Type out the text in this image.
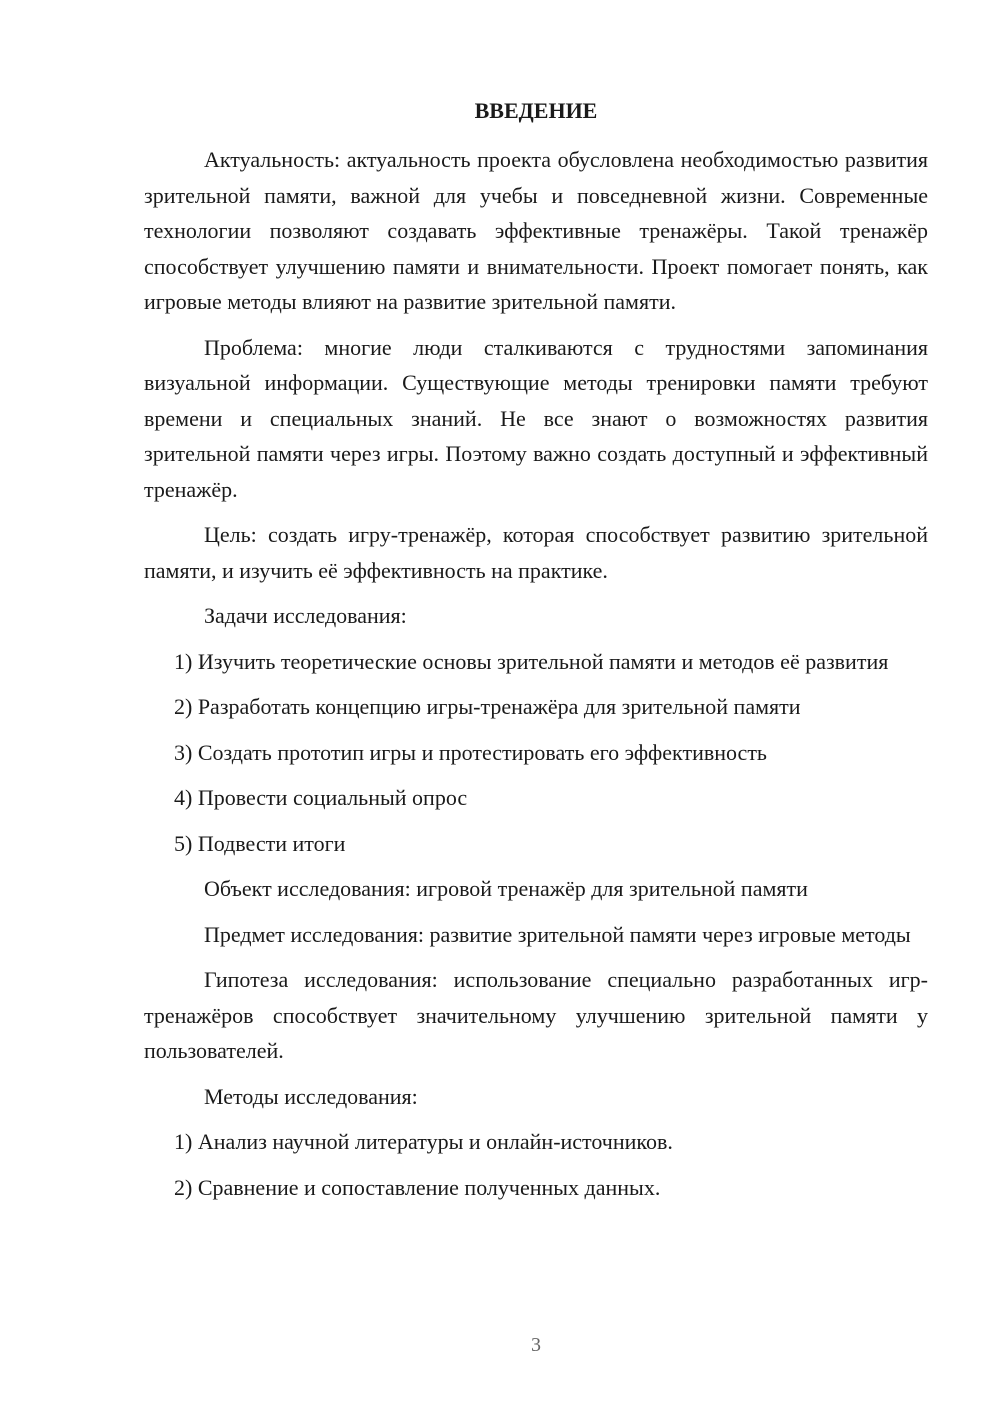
ВВЕДЕНИЕ

Актуальность: актуальность проекта обусловлена необходимостью развития зрительной памяти, важной для учебы и повседневной жизни. Современные технологии позволяют создавать эффективные тренажёры. Такой тренажёр способствует улучшению памяти и внимательности. Проект помогает понять, как игровые методы влияют на развитие зрительной памяти.

Проблема: многие люди сталкиваются с трудностями запоминания визуальной информации. Существующие методы тренировки памяти требуют времени и специальных знаний. Не все знают о возможностях развития зрительной памяти через игры. Поэтому важно создать доступный и эффективный тренажёр.

Цель: создать игру-тренажёр, которая способствует развитию зрительной памяти, и изучить её эффективность на практике.

Задачи исследования:

1) Изучить теоретические основы зрительной памяти и методов её развития

2) Разработать концепцию игры-тренажёра для зрительной памяти

3) Создать прототип игры и протестировать его эффективность

4) Провести социальный опрос

5) Подвести итоги

Объект исследования: игровой тренажёр для зрительной памяти

Предмет исследования: развитие зрительной памяти через игровые методы

Гипотеза исследования: использование специально разработанных игр-тренажёров способствует значительному улучшению зрительной памяти у пользователей.

Методы исследования:

1) Анализ научной литературы и онлайн-источников.

2) Сравнение и сопоставление полученных данных.

3
